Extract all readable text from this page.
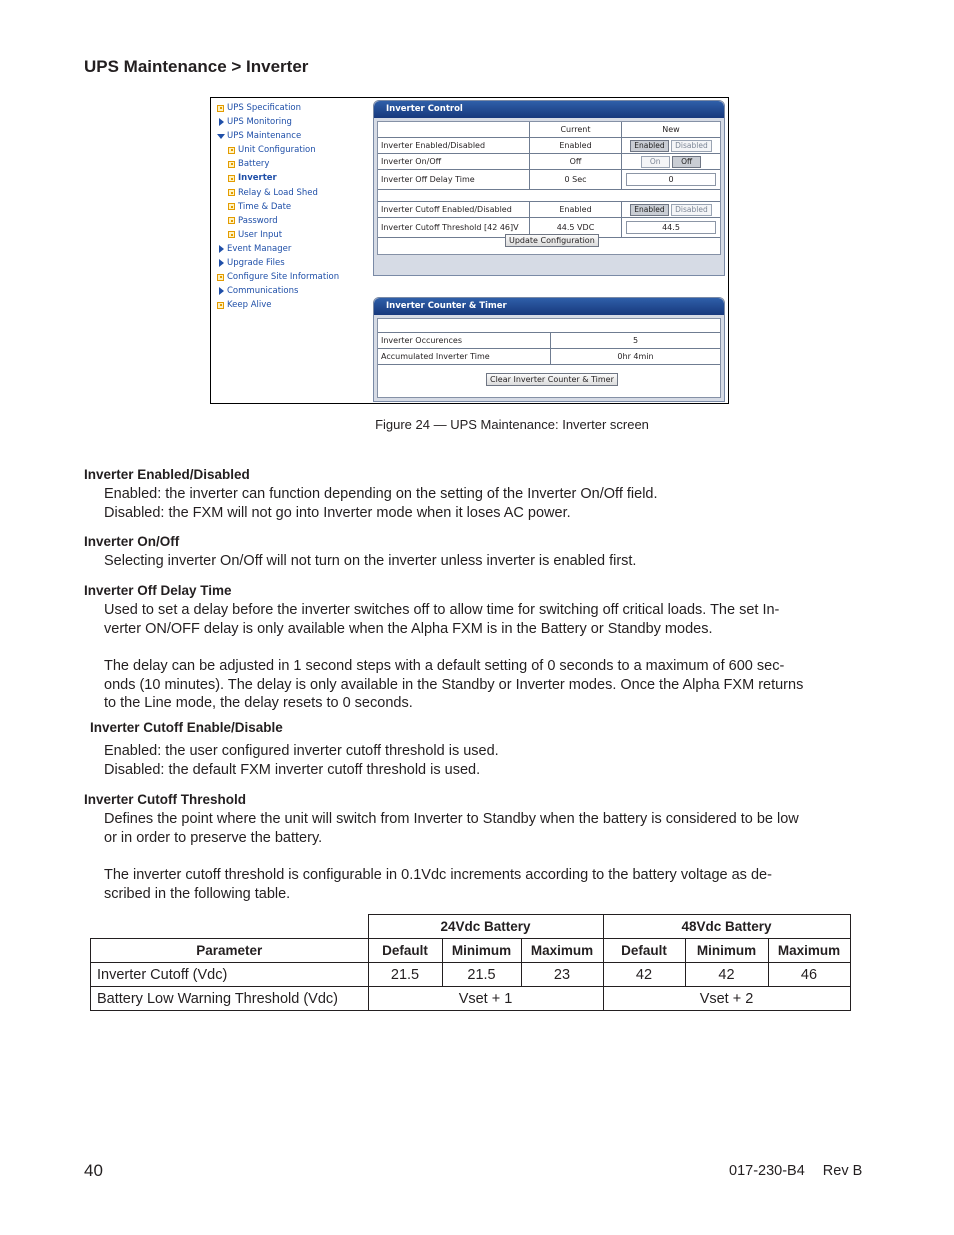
UPS Maintenance > Inverter
UPS Specification
UPS Monitoring
UPS Maintenance
Unit Configuration
Battery
Inverter
Relay & Load Shed
Time & Date
Password
User Input
Event Manager
Upgrade Files
Configure Site Information
Communications
Keep Alive
Inverter Control
	Current	New
Inverter Enabled/Disabled	Enabled	Enabled Disabled
Inverter On/Off	Off	On Off
Inverter Off Delay Time	0 Sec	0

Inverter Cutoff Enabled/Disabled	Enabled	Enabled Disabled
Inverter Cutoff Threshold [42 46]V	44.5 VDC	44.5
Update Configuration
Inverter Counter & Timer

Inverter Occurences	5
Accumulated Inverter Time	0hr 4min
Clear Inverter Counter & Timer
Figure 24 — UPS Maintenance: Inverter screen
Inverter Enabled/Disabled
Enabled: the inverter can function depending on the setting of the Inverter On/Off field.
Disabled: the FXM will not go into Inverter mode when it loses AC power.
Inverter On/Off
Selecting inverter On/Off will not turn on the inverter unless inverter is enabled first.
Inverter Off Delay Time
Used to set a delay before the inverter switches off to allow time for switching off critical loads. The set In-
verter ON/OFF delay is only available when the Alpha FXM is in the Battery or Standby modes.
The delay can be adjusted in 1 second steps with a default setting of 0 seconds to a maximum of 600 sec-
onds (10 minutes). The delay is only available in the Standby or Inverter modes. Once the Alpha FXM returns
to the Line mode, the delay resets to 0 seconds.
Inverter Cutoff Enable/Disable
Enabled: the user configured inverter cutoff threshold is used.
Disabled: the default FXM inverter cutoff threshold is used.
Inverter Cutoff Threshold
Defines the point where the unit will switch from Inverter to Standby when the battery is considered to be low
or in order to preserve the battery.
The inverter cutoff threshold is configurable in 0.1Vdc increments according to the battery voltage as de-
scribed in the following table.
	24Vdc Battery			48Vdc Battery		
Parameter	Default	Minimum	Maximum	Default	Minimum	Maximum
Inverter Cutoff (Vdc)	21.5	21.5	23	42	42	46
Battery Low Warning Threshold (Vdc)	Vset + 1			Vset + 2		
40	017-230-B4 Rev B
